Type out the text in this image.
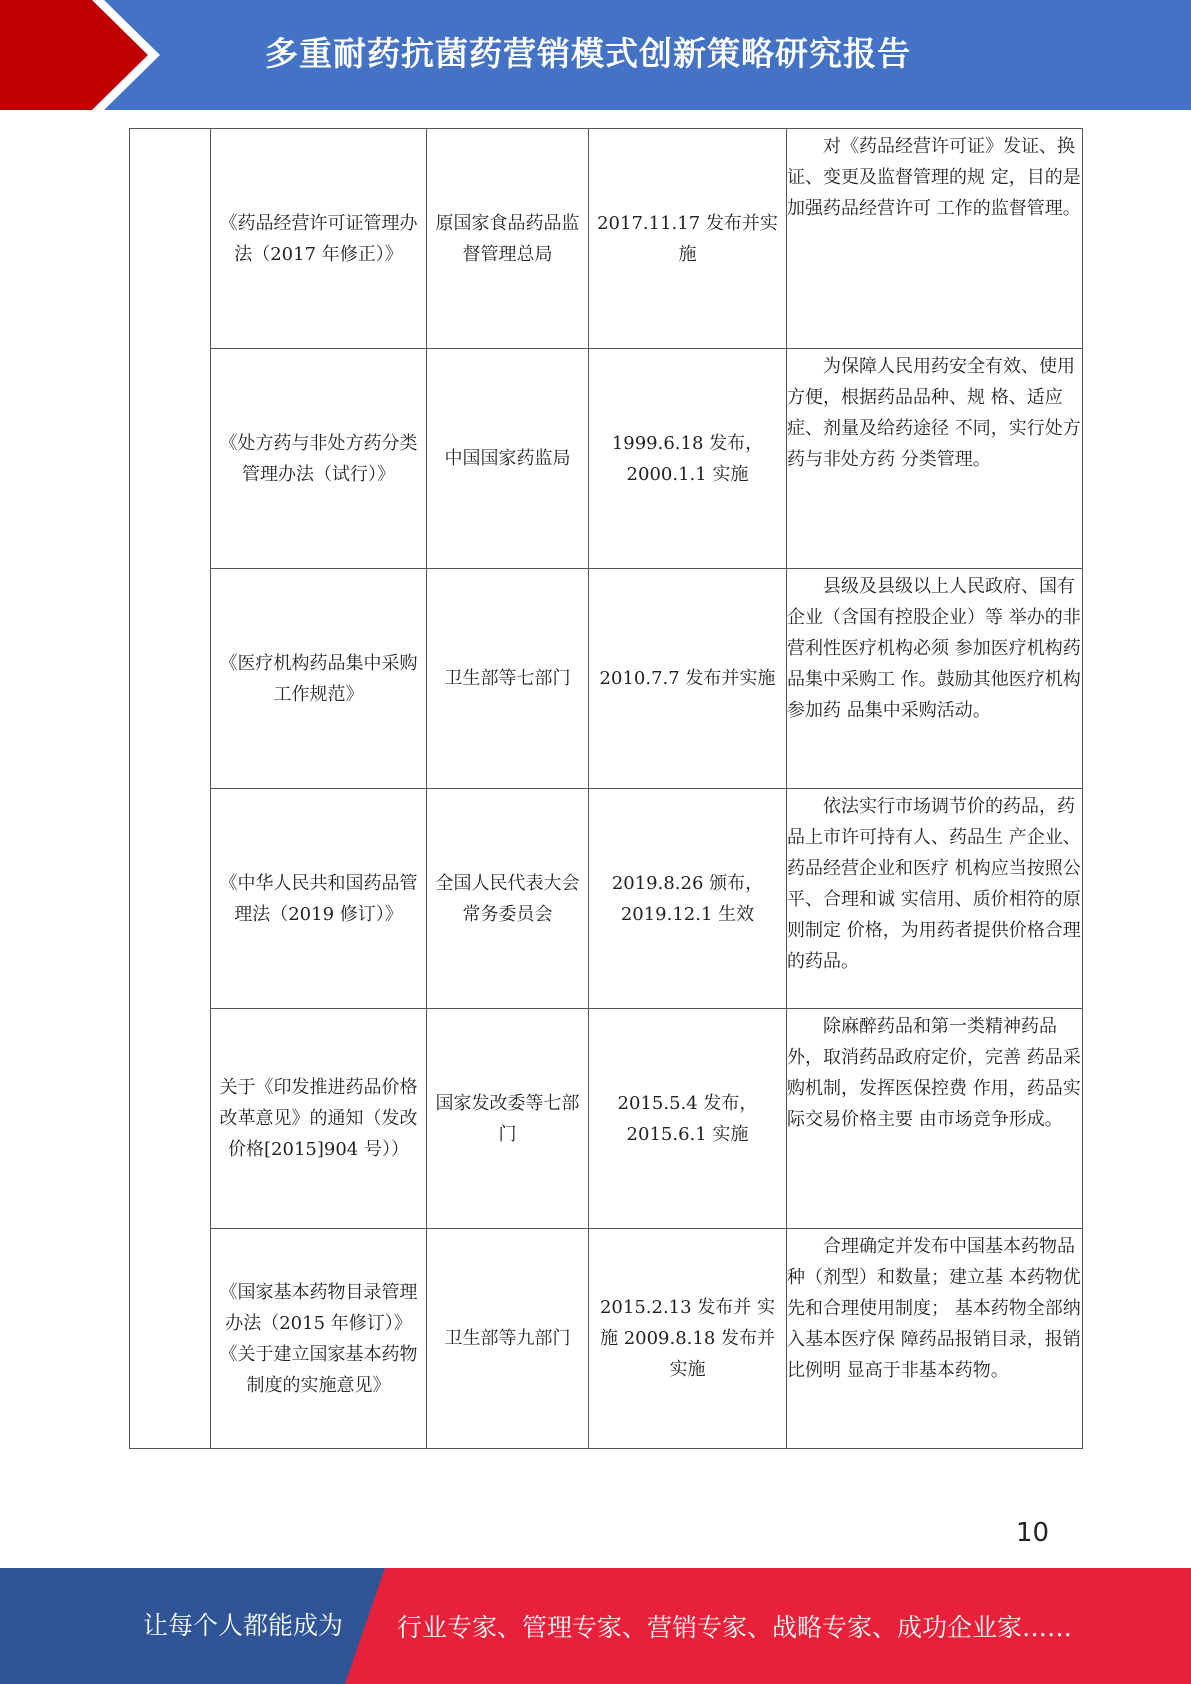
多重耐药抗菌药营销模式创新策略研究报告
	《药品经营许可证管理办法（2017 年修正）》	原国家食品药品监督管理总局	2017.11.17 发布并实施	对《药品经营许可证》发证、换证、变更及监督管理的规 定，目的是加强药品经营许可 工作的监督管理。

	《处方药与非处方药分类管理办法（试行）》	中国国家药监局	1999.6.18 发布，2000.1.1 实施	为保障人民用药安全有效、使用方便，根据药品品种、规 格、适应症、剂量及给药途径 不同，实行处方药与非处方药 分类管理。

	《医疗机构药品集中采购工作规范》	卫生部等七部门	2010.7.7 发布并实施	县级及县级以上人民政府、国有企业（含国有控股企业）等 举办的非营利性医疗机构必须 参加医疗机构药品集中采购工 作。鼓励其他医疗机构参加药 品集中采购活动。

	《中华人民共和国药品管理法（2019 修订）》	全国人民代表大会常务委员会	2019.8.26 颁布，2019.12.1 生效	依法实行市场调节价的药品，药品上市许可持有人、药品生 产企业、药品经营企业和医疗 机构应当按照公平、合理和诚 实信用、质价相符的原则制定 价格，为用药者提供价格合理 的药品。

	关于《印发推进药品价格改革意见》的通知（发改价格[2015]904 号））	国家发改委等七部门	2015.5.4 发布，2015.6.1 实施	除麻醉药品和第一类精神药品外，取消药品政府定价，完善 药品采购机制，发挥医保控费 作用，药品实际交易价格主要 由市场竞争形成。

	《国家基本药物目录管理办法（2015 年修订）》《关于建立国家基本药物制度的实施意见》	卫生部等九部门	2015.2.13 发布并 实施 2009.8.18 发布并 实施	合理确定并发布中国基本药物品种（剂型）和数量；建立基 本药物优先和合理使用制度； 基本药物全部纳入基本医疗保 障药品报销目录，报销比例明 显高于非基本药物。
10
让每个人都能成为 行业专家、管理专家、营销专家、战略专家、成功企业家……
